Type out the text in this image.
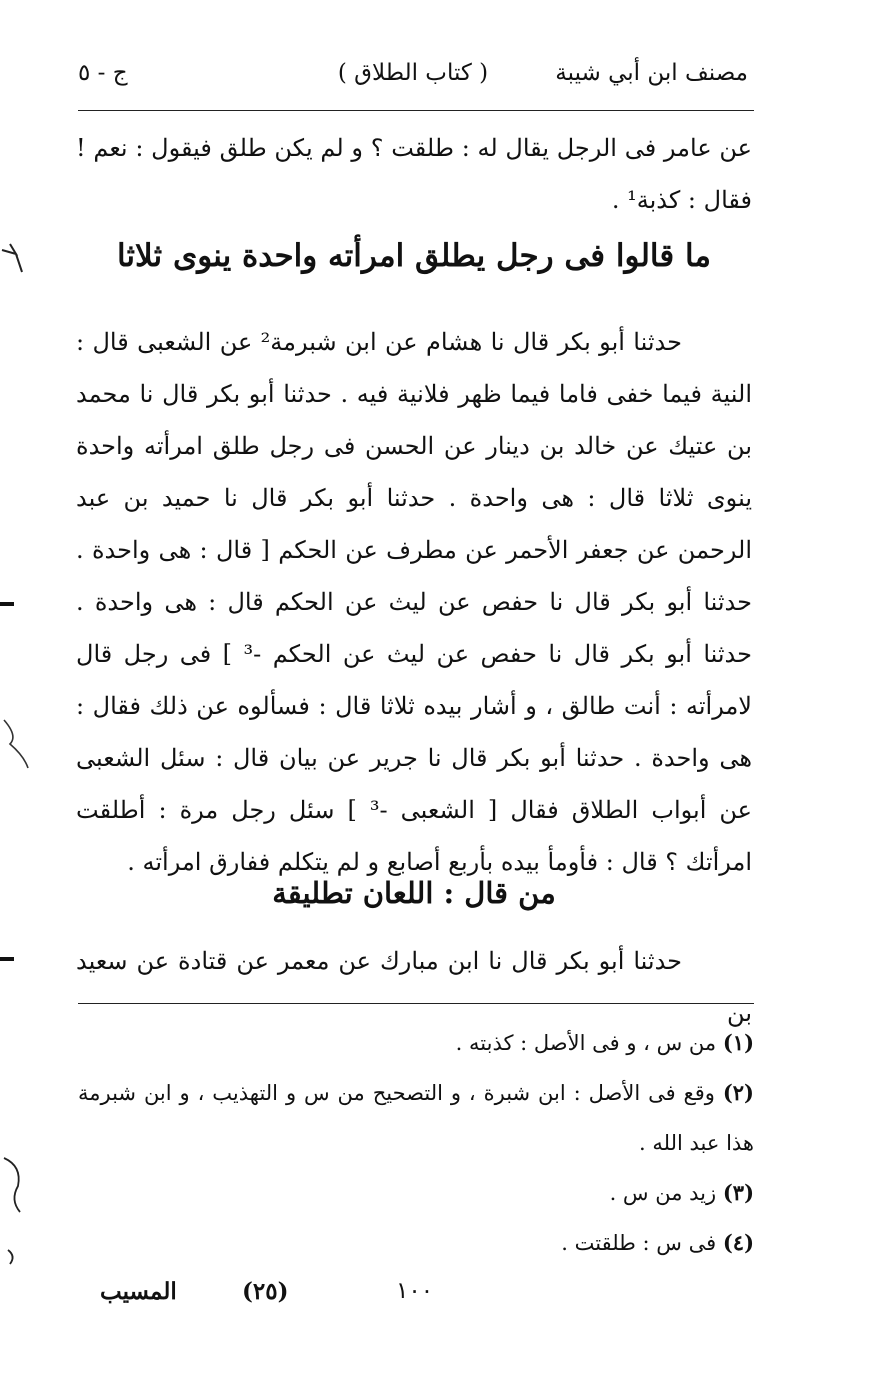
مصنف ابن أبي شيبة
( كتاب الطلاق )
ج - ٥
عن عامر فى الرجل يقال له : طلقت ؟ و لم يكن طلق فيقول : نعم ! فقال : كذبة¹ .
ما قالوا فى رجل يطلق امرأته واحدة ينوى ثلاثا
حدثنا أبو بكر قال نا هشام عن ابن شبرمة² عن الشعبى قال : النية فيما خفى فاما فيما ظهر فلانية فيه . حدثنا أبو بكر قال نا محمد بن عتيك عن خالد بن دينار عن الحسن فى رجل طلق امرأته واحدة ينوى ثلاثا قال : هى واحدة . حدثنا أبو بكر قال نا حميد بن عبد الرحمن عن جعفر الأحمر عن مطرف عن الحكم [ قال : هى واحدة . حدثنا أبو بكر قال نا حفص عن ليث عن الحكم قال : هى واحدة . حدثنا أبو بكر قال نا حفص عن ليث عن الحكم -³ ] فى رجل قال لامرأته : أنت طالق ، و أشار بيده ثلاثا قال : فسألوه عن ذلك فقال : هى واحدة . حدثنا أبو بكر قال نا جرير عن بيان قال : سئل الشعبى عن أبواب الطلاق فقال [ الشعبى -³ ] سئل رجل مرة : أطلقت امرأتك ؟ قال : فأومأ بيده بأربع أصابع و لم يتكلم ففارق امرأته .
من قال : اللعان تطليقة
حدثنا أبو بكر قال نا ابن مبارك عن معمر عن قتادة عن سعيد بن
(١) من س ، و فى الأصل : كذبته .
(٢) وقع فى الأصل : ابن شبرة ، و التصحيح من س و التهذيب ، و ابن شبرمة هذا عبد الله .
(٣) زيد من س .
(٤) فى س : طلقتت .
المسيب	(٢٥)	١٠٠
